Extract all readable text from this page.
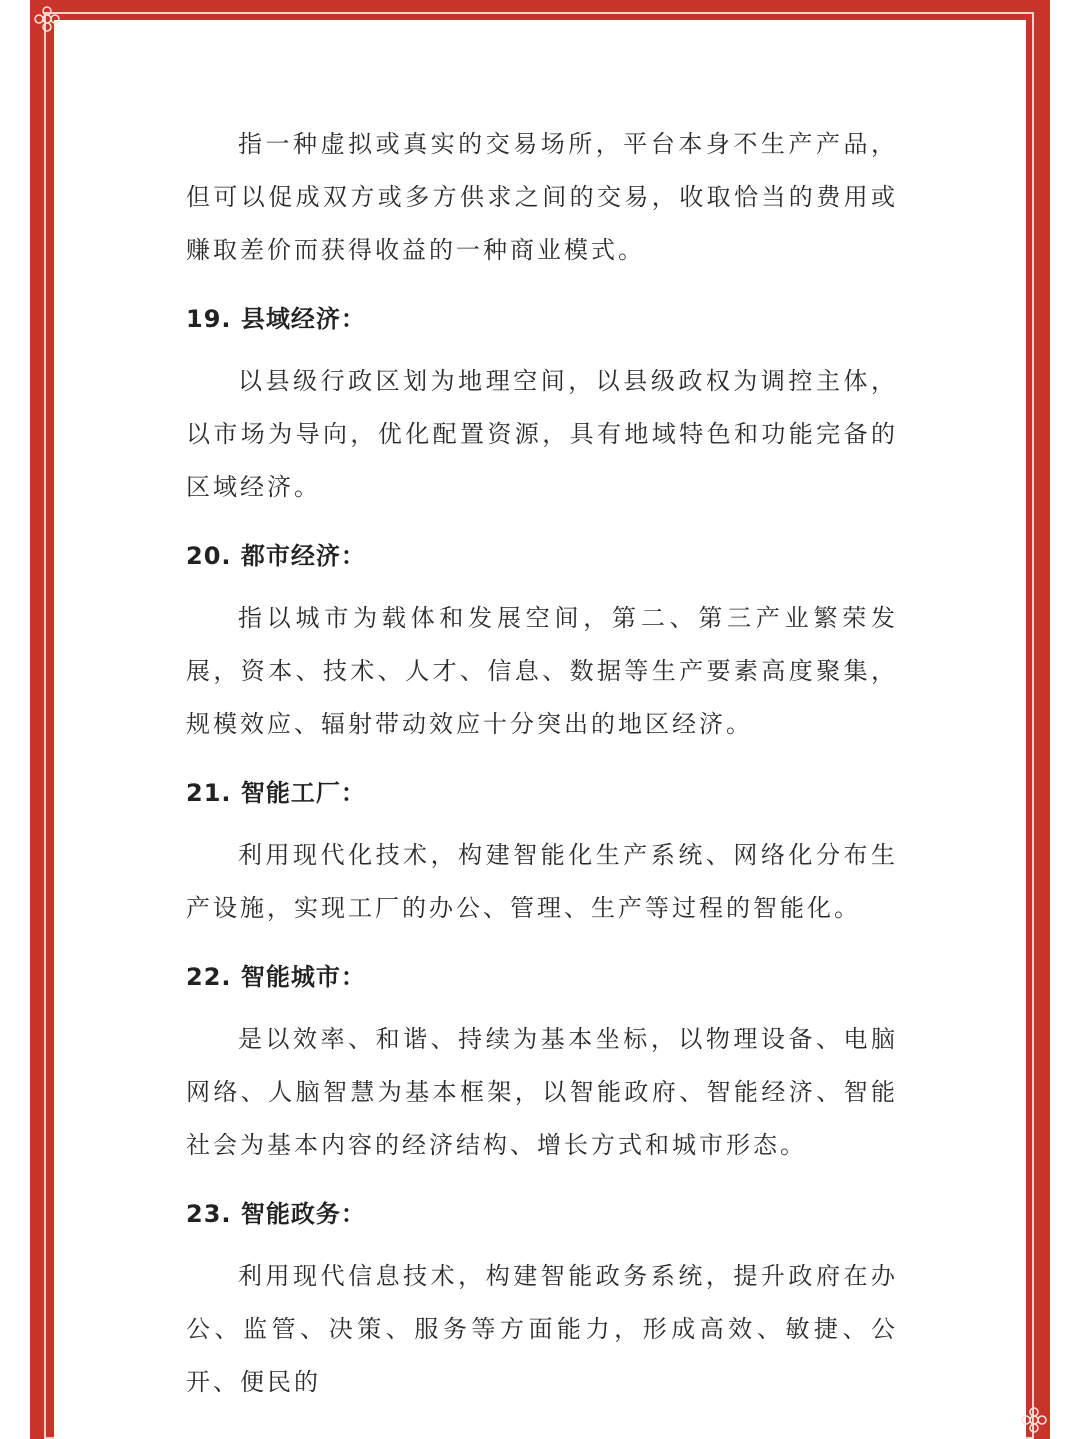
指一种虚拟或真实的交易场所，平台本身不生产产品，但可以促成双方或多方供求之间的交易，收取恰当的费用或赚取差价而获得收益的一种商业模式。

19. 县域经济：

以县级行政区划为地理空间，以县级政权为调控主体，以市场为导向，优化配置资源，具有地域特色和功能完备的区域经济。

20. 都市经济：

指以城市为载体和发展空间，第二、第三产业繁荣发展，资本、技术、人才、信息、数据等生产要素高度聚集，规模效应、辐射带动效应十分突出的地区经济。

21. 智能工厂：

利用现代化技术，构建智能化生产系统、网络化分布生产设施，实现工厂的办公、管理、生产等过程的智能化。

22. 智能城市：

是以效率、和谐、持续为基本坐标，以物理设备、电脑网络、人脑智慧为基本框架，以智能政府、智能经济、智能社会为基本内容的经济结构、增长方式和城市形态。

23. 智能政务：

利用现代信息技术，构建智能政务系统，提升政府在办公、监管、决策、服务等方面能力，形成高效、敏捷、公开、便民的
